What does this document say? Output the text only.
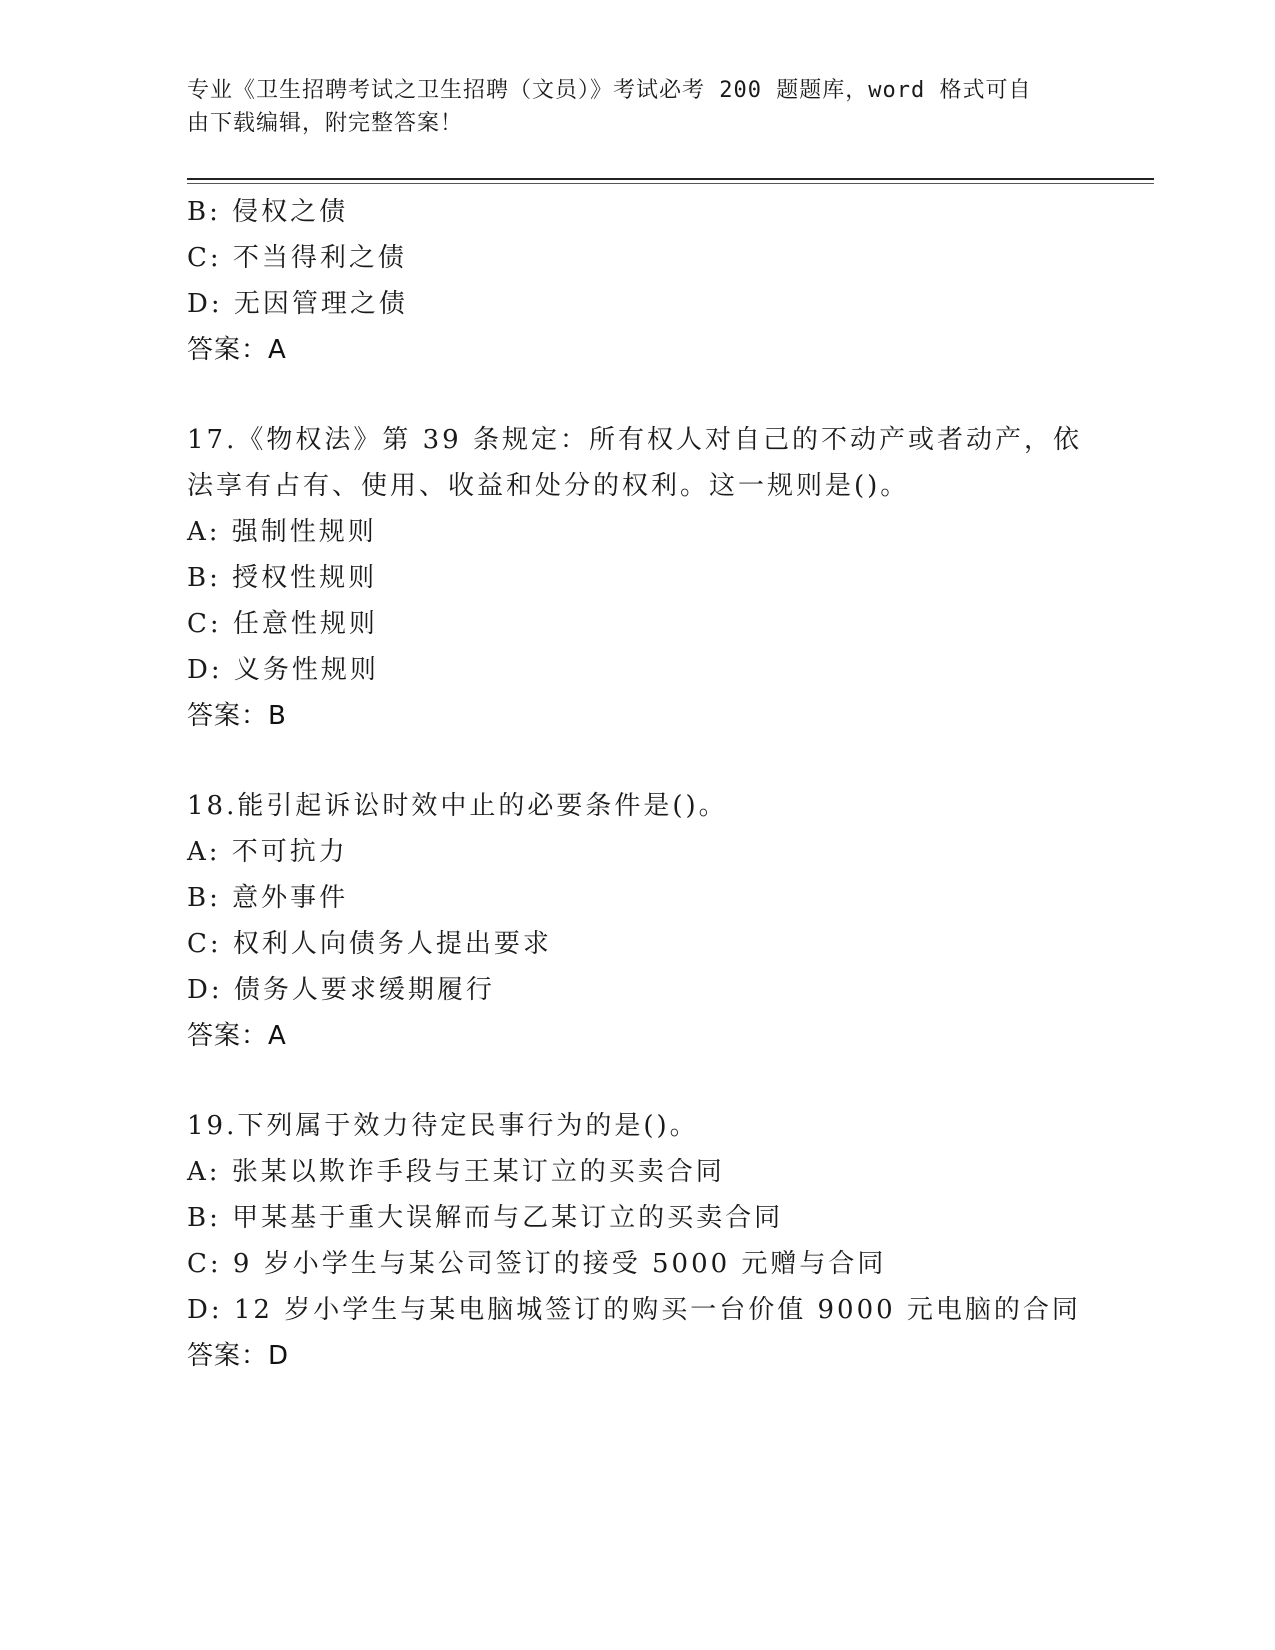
专业《卫生招聘考试之卫生招聘（文员）》考试必考 200 题题库，word 格式可自
由下载编辑，附完整答案！
B: 侵权之债
C: 不当得利之债
D: 无因管理之债
答案：A
17.《物权法》第 39 条规定：所有权人对自己的不动产或者动产，依
法享有占有、使用、收益和处分的权利。这一规则是()。
A: 强制性规则
B: 授权性规则
C: 任意性规则
D: 义务性规则
答案：B
18.能引起诉讼时效中止的必要条件是()。
A: 不可抗力
B: 意外事件
C: 权利人向债务人提出要求
D: 债务人要求缓期履行
答案：A
19.下列属于效力待定民事行为的是()。
A: 张某以欺诈手段与王某订立的买卖合同
B: 甲某基于重大误解而与乙某订立的买卖合同
C: 9 岁小学生与某公司签订的接受 5000 元赠与合同
D: 12 岁小学生与某电脑城签订的购买一台价值 9000 元电脑的合同
答案：D
